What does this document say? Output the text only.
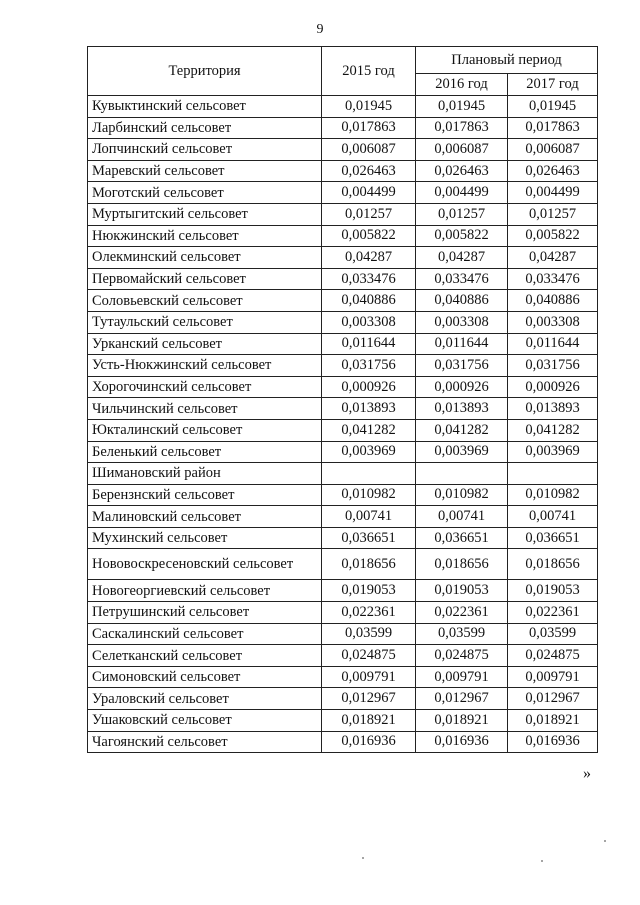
9
Территория	2015 год	Плановый период	
		2016 год	2017 год
Кувыктинский сельсовет	0,01945	0,01945	0,01945
Ларбинский сельсовет	0,017863	0,017863	0,017863
Лопчинский сельсовет	0,006087	0,006087	0,006087
Маревский сельсовет	0,026463	0,026463	0,026463
Моготский сельсовет	0,004499	0,004499	0,004499
Муртыгитский сельсовет	0,01257	0,01257	0,01257
Нюкжинский сельсовет	0,005822	0,005822	0,005822
Олекминский сельсовет	0,04287	0,04287	0,04287
Первомайский сельсовет	0,033476	0,033476	0,033476
Соловьевский сельсовет	0,040886	0,040886	0,040886
Тутаульский сельсовет	0,003308	0,003308	0,003308
Урканский сельсовет	0,011644	0,011644	0,011644
Усть-Нюкжинский сельсовет	0,031756	0,031756	0,031756
Хорогочинский сельсовет	0,000926	0,000926	0,000926
Чильчинский сельсовет	0,013893	0,013893	0,013893
Юкталинский сельсовет	0,041282	0,041282	0,041282
Беленький сельсовет	0,003969	0,003969	0,003969
Шимановский район			
Берензнский сельсовет	0,010982	0,010982	0,010982
Малиновский сельсовет	0,00741	0,00741	0,00741
Мухинский сельсовет	0,036651	0,036651	0,036651
Нововоскресеновский сельсовет	0,018656	0,018656	0,018656
Новогеоргиевский сельсовет	0,019053	0,019053	0,019053
Петрушинский сельсовет	0,022361	0,022361	0,022361
Саскалинский сельсовет	0,03599	0,03599	0,03599
Селетканский сельсовет	0,024875	0,024875	0,024875
Симоновский сельсовет	0,009791	0,009791	0,009791
Ураловский сельсовет	0,012967	0,012967	0,012967
Ушаковский сельсовет	0,018921	0,018921	0,018921
Чагоянский сельсовет	0,016936	0,016936	0,016936
»
